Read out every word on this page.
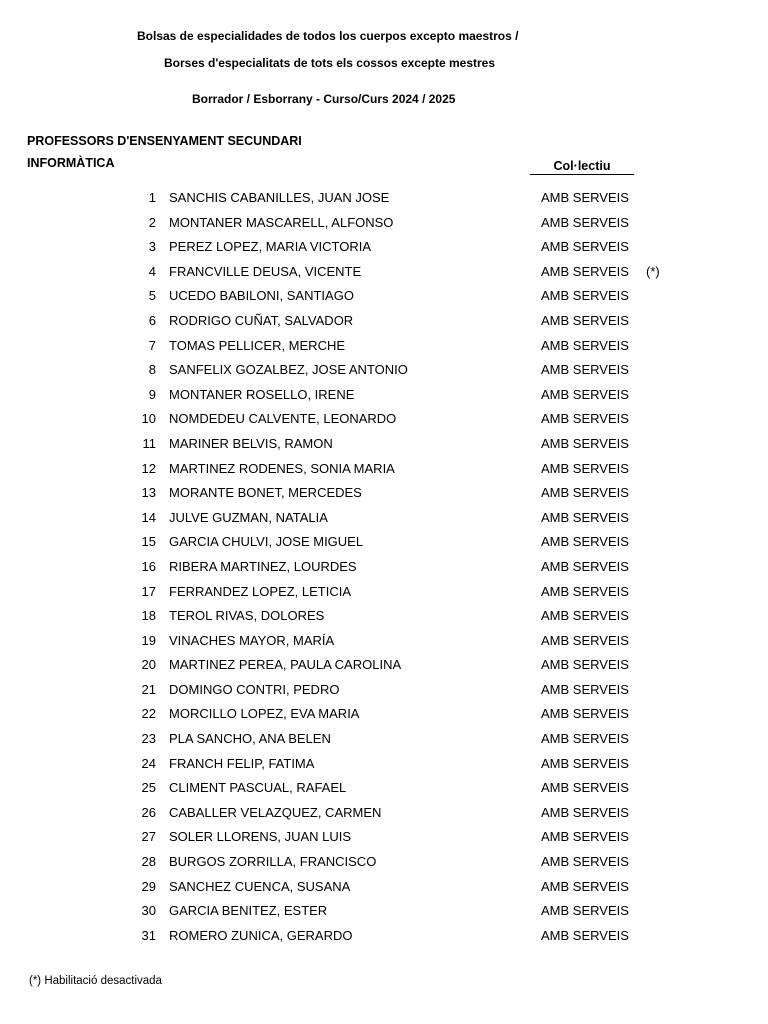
Bolsas de especialidades de todos los cuerpos excepto maestros /
Borses d'especialitats de tots els cossos excepte mestres
Borrador / Esborrany - Curso/Curs 2024 / 2025
PROFESSORS D'ENSENYAMENT SECUNDARI
INFORMÀTICA	Col·lectiu
1 SANCHIS CABANILLES, JUAN JOSE	AMB SERVEIS
2 MONTANER MASCARELL, ALFONSO	AMB SERVEIS
3 PEREZ LOPEZ, MARIA VICTORIA	AMB SERVEIS
4 FRANCVILLE DEUSA, VICENTE	AMB SERVEIS (*)
5 UCEDO BABILONI, SANTIAGO	AMB SERVEIS
6 RODRIGO CUÑAT, SALVADOR	AMB SERVEIS
7 TOMAS PELLICER, MERCHE	AMB SERVEIS
8 SANFELIX GOZALBEZ, JOSE ANTONIO	AMB SERVEIS
9 MONTANER ROSELLO, IRENE	AMB SERVEIS
10 NOMDEDEU CALVENTE, LEONARDO	AMB SERVEIS
11 MARINER BELVIS, RAMON	AMB SERVEIS
12 MARTINEZ RODENES, SONIA MARIA	AMB SERVEIS
13 MORANTE BONET, MERCEDES	AMB SERVEIS
14 JULVE GUZMAN, NATALIA	AMB SERVEIS
15 GARCIA CHULVI, JOSE MIGUEL	AMB SERVEIS
16 RIBERA MARTINEZ, LOURDES	AMB SERVEIS
17 FERRANDEZ LOPEZ, LETICIA	AMB SERVEIS
18 TEROL RIVAS, DOLORES	AMB SERVEIS
19 VINACHES MAYOR, MARÍA	AMB SERVEIS
20 MARTINEZ PEREA, PAULA CAROLINA	AMB SERVEIS
21 DOMINGO CONTRI, PEDRO	AMB SERVEIS
22 MORCILLO LOPEZ, EVA MARIA	AMB SERVEIS
23 PLA SANCHO, ANA BELEN	AMB SERVEIS
24 FRANCH FELIP, FATIMA	AMB SERVEIS
25 CLIMENT PASCUAL, RAFAEL	AMB SERVEIS
26 CABALLER VELAZQUEZ, CARMEN	AMB SERVEIS
27 SOLER LLORENS, JUAN LUIS	AMB SERVEIS
28 BURGOS ZORRILLA, FRANCISCO	AMB SERVEIS
29 SANCHEZ CUENCA, SUSANA	AMB SERVEIS
30 GARCIA BENITEZ, ESTER	AMB SERVEIS
31 ROMERO ZUNICA, GERARDO	AMB SERVEIS
(*) Habilitació desactivada
